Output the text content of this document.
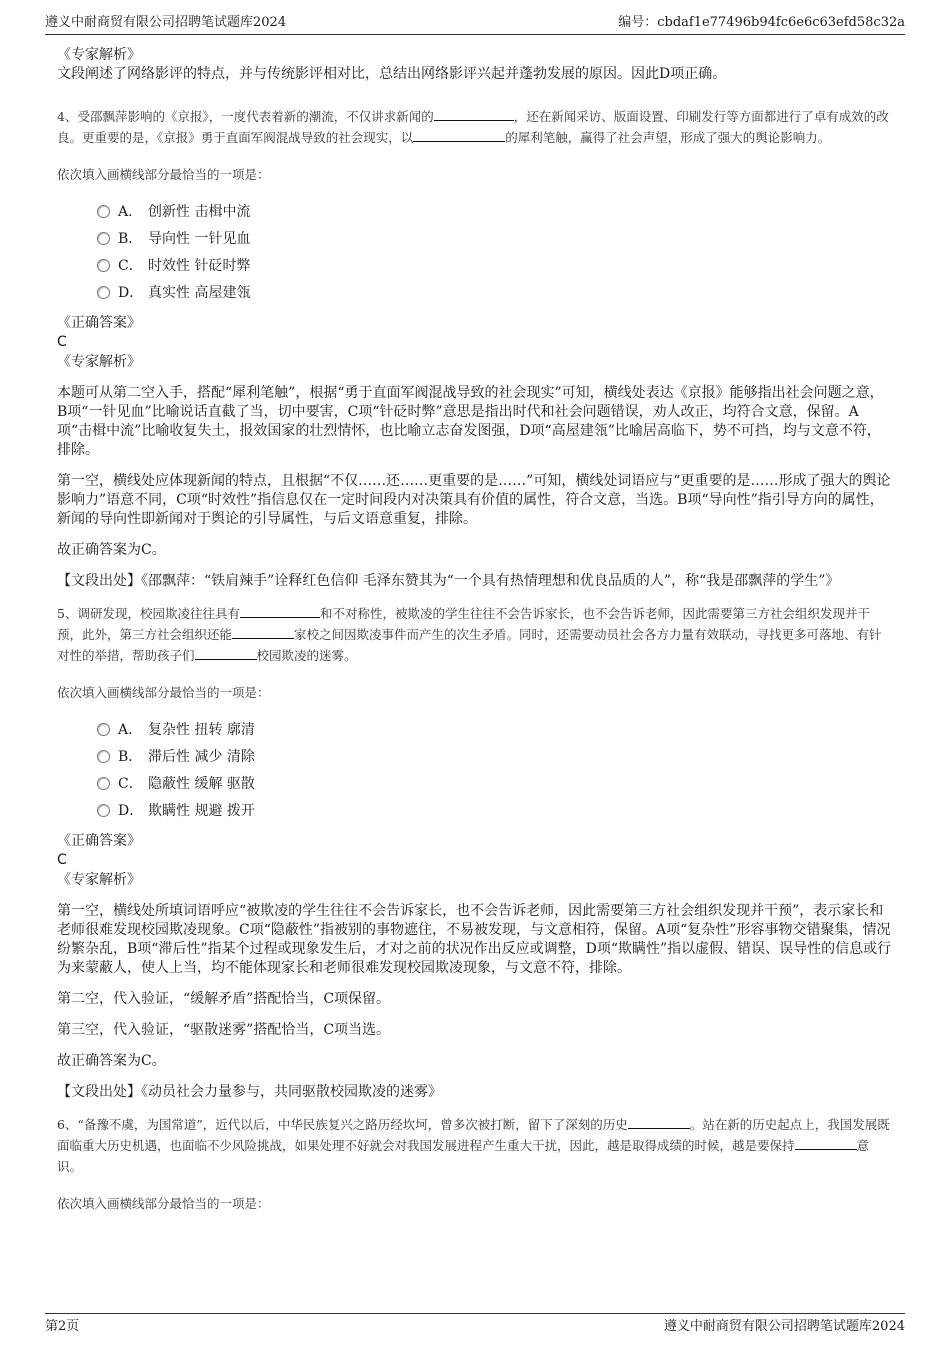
遵义中耐商贸有限公司招聘笔试题库2024	编号：cbdaf1e77496b94fc6e6c63efd58c32a
《专家解析》
文段阐述了网络影评的特点，并与传统影评相对比，总结出网络影评兴起并蓬勃发展的原因。因此D项正确。
4、受邵飘萍影响的《京报》，一度代表着新的潮流，不仅讲求新闻的	，还在新闻采访、版面设置、印刷发行等方面都进行了卓有成效的改良。更重要的是，《京报》勇于直面军阀混战导致的社会现实，以	的犀利笔触，赢得了社会声望，形成了强大的舆论影响力。
依次填入画横线部分最恰当的一项是：
A． 创新性 击楫中流
B． 导向性 一针见血
C． 时效性 针砭时弊
D． 真实性 高屋建瓴
《正确答案》
C
《专家解析》
本题可从第二空入手，搭配“犀利笔触”，根据“勇于直面军阀混战导致的社会现实”可知，横线处表达《京报》能够指出社会问题之意，B项“一针见血”比喻说话直截了当，切中要害，C项“针砭时弊”意思是指出时代和社会问题错误，劝人改正，均符合文意，保留。A项“击楫中流”比喻收复失土，报效国家的壮烈情怀，也比喻立志奋发图强，D项“高屋建瓴”比喻居高临下，势不可挡，均与文意不符，排除。
第一空，横线处应体现新闻的特点，且根据“不仅……还……更重要的是……”可知，横线处词语应与“更重要的是……形成了强大的舆论影响力”语意不同，C项“时效性”指信息仅在一定时间段内对决策具有价值的属性，符合文意，当选。B项“导向性”指引导方向的属性，新闻的导向性即新闻对于舆论的引导属性，与后文语意重复，排除。
故正确答案为C。
【文段出处】《邵飘萍：“铁肩辣手”诠释红色信仰 毛泽东赞其为“一个具有热情理想和优良品质的人”，称“我是邵飘萍的学生”》
5、调研发现，校园欺凌往往具有	和不对称性，被欺凌的学生往往不会告诉家长，也不会告诉老师，因此需要第三方社会组织发现并干预，此外，第三方社会组织还能	家校之间因欺凌事件而产生的次生矛盾。同时，还需要动员社会各方力量有效联动，寻找更多可落地、有针对性的举措，帮助孩子们	校园欺凌的迷雾。
依次填入画横线部分最恰当的一项是：
A． 复杂性 扭转 廓清
B． 滞后性 减少 清除
C． 隐蔽性 缓解 驱散
D． 欺瞒性 规避 拨开
《正确答案》
C
《专家解析》
第一空，横线处所填词语呼应“被欺凌的学生往往不会告诉家长，也不会告诉老师，因此需要第三方社会组织发现并干预”，表示家长和老师很难发现校园欺凌现象。C项“隐蔽性”指被别的事物遮住，不易被发现，与文意相符，保留。A项“复杂性”形容事物交错聚集，情况纷繁杂乱，B项“滞后性”指某个过程或现象发生后，才对之前的状况作出反应或调整，D项“欺瞒性”指以虚假、错误、误导性的信息或行为来蒙蔽人，使人上当，均不能体现家长和老师很难发现校园欺凌现象，与文意不符，排除。
第二空，代入验证，“缓解矛盾”搭配恰当，C项保留。
第三空，代入验证，“驱散迷雾”搭配恰当，C项当选。
故正确答案为C。
【文段出处】《动员社会力量参与，共同驱散校园欺凌的迷雾》
6、“备豫不虞，为国常道”，近代以后，中华民族复兴之路历经坎坷，曾多次被打断，留下了深刻的历史	。站在新的历史起点上，我国发展既面临重大历史机遇，也面临不少风险挑战，如果处理不好就会对我国发展进程产生重大干扰，因此，越是取得成绩的时候，越是要保持	意识。
依次填入画横线部分最恰当的一项是：
第2页	遵义中耐商贸有限公司招聘笔试题库2024
